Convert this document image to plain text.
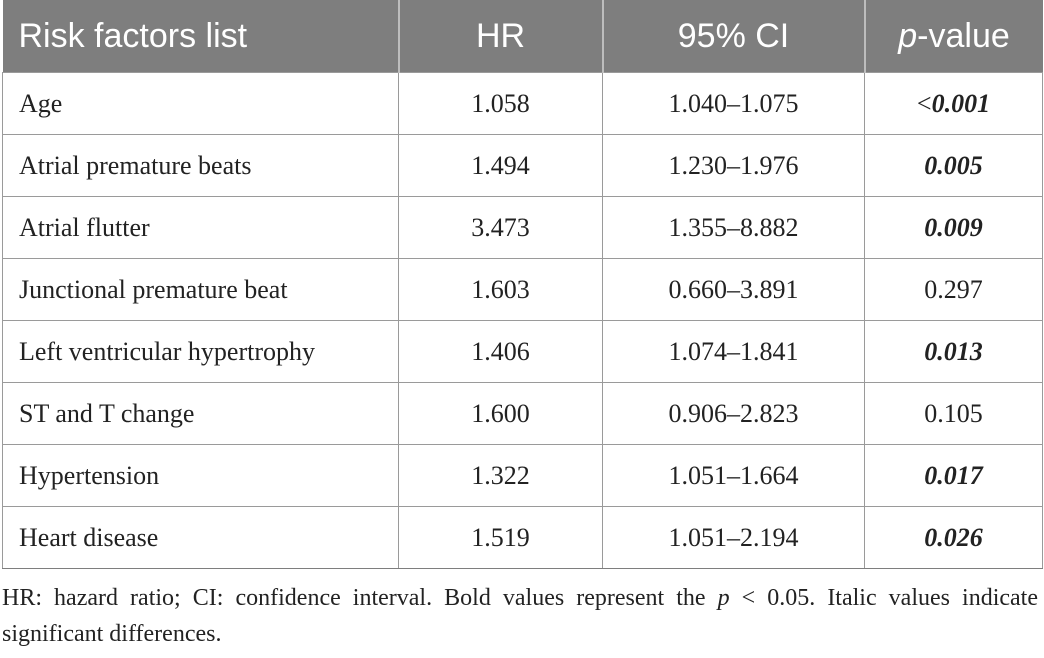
Risk factors list	HR	95% CI	p-value
Age	1.058	1.040–1.075	<0.001
Atrial premature beats	1.494	1.230–1.976	0.005
Atrial flutter	3.473	1.355–8.882	0.009
Junctional premature beat	1.603	0.660–3.891	0.297
Left ventricular hypertrophy	1.406	1.074–1.841	0.013
ST and T change	1.600	0.906–2.823	0.105
Hypertension	1.322	1.051–1.664	0.017
Heart disease	1.519	1.051–2.194	0.026
HR: hazard ratio; CI: confidence interval. Bold values represent the p < 0.05. Italic values indicate significant differences.
